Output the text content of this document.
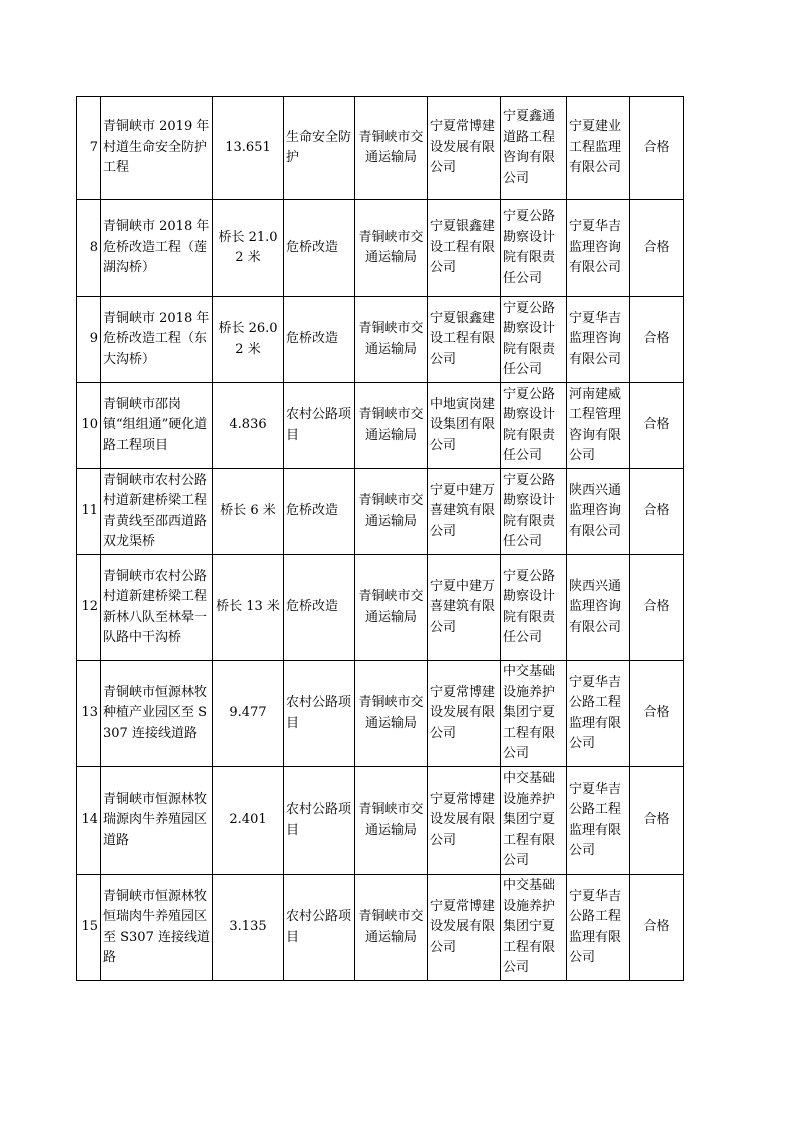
7	青铜峡市 2019 年村道生命安全防护工程	13.651	生命安全防护	青铜峡市交通运输局	宁夏常博建设发展有限公司	宁夏鑫通道路工程咨询有限公司	宁夏建业工程监理有限公司	合格
8	青铜峡市 2018 年危桥改造工程（莲湖沟桥）	桥长 21.02 米	危桥改造	青铜峡市交通运输局	宁夏银鑫建设工程有限公司	宁夏公路勘察设计院有限责任公司	宁夏华吉监理咨询有限公司	合格
9	青铜峡市 2018 年危桥改造工程（东大沟桥）	桥长 26.02 米	危桥改造	青铜峡市交通运输局	宁夏银鑫建设工程有限公司	宁夏公路勘察设计院有限责任公司	宁夏华吉监理咨询有限公司	合格
10	青铜峡市邵岗镇“组组通”硬化道路工程项目	4.836	农村公路项目	青铜峡市交通运输局	中地寅岗建设集团有限公司	宁夏公路勘察设计院有限责任公司	河南建威工程管理咨询有限公司	合格
11	青铜峡市农村公路村道新建桥梁工程青黄线至邵西道路双龙渠桥	桥长 6 米	危桥改造	青铜峡市交通运输局	宁夏中建万喜建筑有限公司	宁夏公路勘察设计院有限责任公司	陕西兴通监理咨询有限公司	合格
12	青铜峡市农村公路村道新建桥梁工程新林八队至林晕一队路中干沟桥	桥长 13 米	危桥改造	青铜峡市交通运输局	宁夏中建万喜建筑有限公司	宁夏公路勘察设计院有限责任公司	陕西兴通监理咨询有限公司	合格
13	青铜峡市恒源林牧种植产业园区至 S307 连接线道路	9.477	农村公路项目	青铜峡市交通运输局	宁夏常博建设发展有限公司	中交基础设施养护集团宁夏工程有限公司	宁夏华吉公路工程监理有限公司	合格
14	青铜峡市恒源林牧瑞源肉牛养殖园区道路	2.401	农村公路项目	青铜峡市交通运输局	宁夏常博建设发展有限公司	中交基础设施养护集团宁夏工程有限公司	宁夏华吉公路工程监理有限公司	合格
15	青铜峡市恒源林牧恒瑞肉牛养殖园区至 S307 连接线道路	3.135	农村公路项目	青铜峡市交通运输局	宁夏常博建设发展有限公司	中交基础设施养护集团宁夏工程有限公司	宁夏华吉公路工程监理有限公司	合格
